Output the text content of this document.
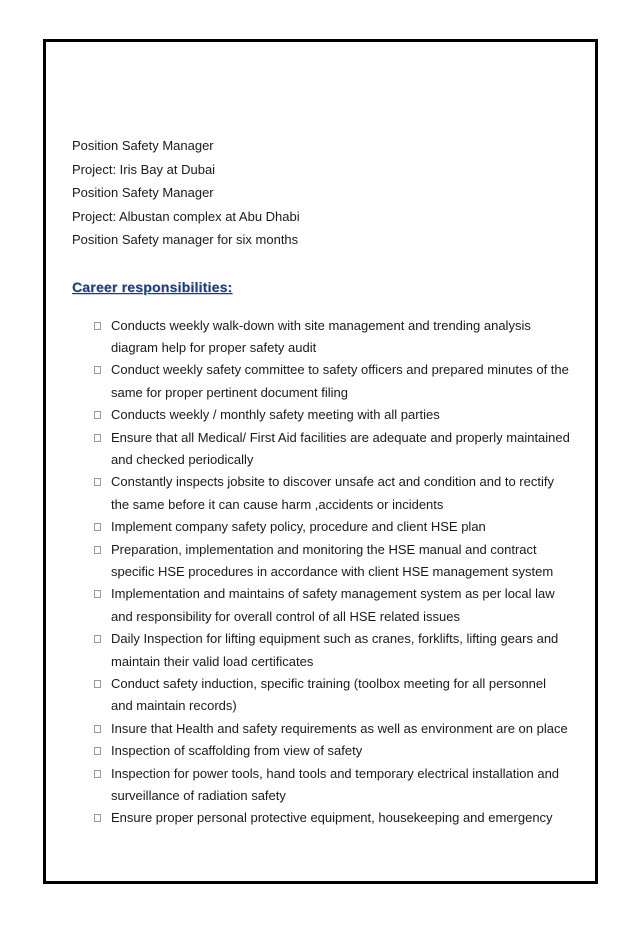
Position Safety Manager

Project: Iris Bay at Dubai

Position Safety Manager

Project: Albustan complex at Abu Dhabi

Position Safety manager for six months

Career responsibilities:
Conducts weekly walk-down with site management and trending analysis diagram help for proper safety audit
Conduct weekly safety committee to safety officers and prepared minutes of the same for proper pertinent document filing
Conducts weekly / monthly safety meeting with all parties
Ensure that all Medical/ First Aid facilities are adequate and properly maintained and checked periodically
Constantly inspects jobsite to discover unsafe act and condition and to rectify the same before it can cause harm ,accidents or incidents
Implement company safety policy, procedure and client HSE plan
Preparation, implementation and monitoring the HSE manual and contract specific HSE procedures in accordance with client HSE management system
Implementation and maintains of safety management system as per local law and responsibility for overall control of all HSE related issues
Daily Inspection for lifting equipment such as cranes, forklifts, lifting gears and maintain their valid load certificates
Conduct safety induction, specific training (toolbox meeting for all personnel and maintain records)
Insure that Health and safety requirements as well as environment are on place
Inspection of scaffolding from view of safety
Inspection for power tools, hand tools and temporary electrical installation and surveillance of radiation safety
Ensure proper personal protective equipment, housekeeping and emergency
